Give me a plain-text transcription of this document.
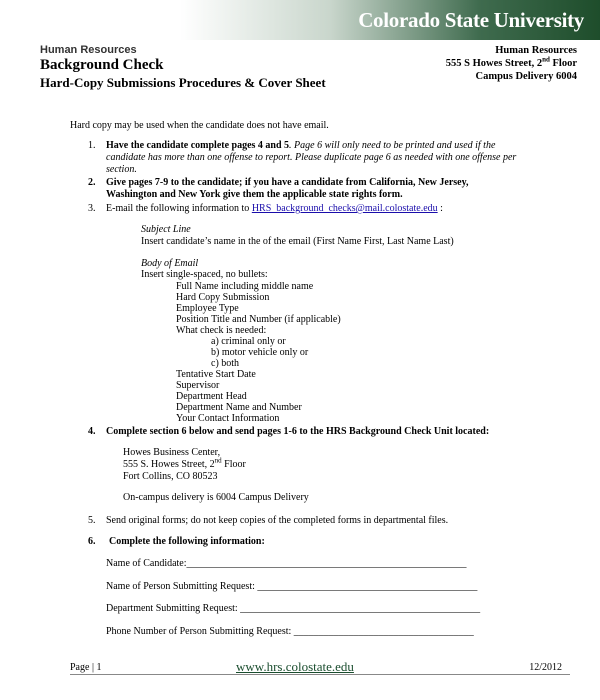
Colorado State University
Human Resources
Background Check
Hard-Copy Submissions Procedures & Cover Sheet
Human Resources
555 S Howes Street, 2nd Floor
Campus Delivery 6004
Hard copy may be used when the candidate does not have email.
1. Have the candidate complete pages 4 and 5. Page 6 will only need to be printed and used if the
candidate has more than one offense to report. Please duplicate page 6 as needed with one offense per
section.
2. Give pages 7-9 to the candidate; if you have a candidate from California, New Jersey,
Washington and New York give them the applicable state rights form.
3. E-mail the following information to HRS_background_checks@mail.colostate.edu :
Subject Line
Insert candidate’s name in the of the email (First Name First, Last Name Last)
Body of Email
Insert single-spaced, no bullets:
Full Name including middle name
Hard Copy Submission
Employee Type
Position Title and Number (if applicable)
What check is needed:
a) criminal only or
b) motor vehicle only or
c) both
Tentative Start Date
Supervisor
Department Head
Department Name and Number
Your Contact Information
4. Complete section 6 below and send pages 1-6 to the HRS Background Check Unit located:
Howes Business Center,
555 S. Howes Street, 2nd Floor
Fort Collins, CO 80523
On-campus delivery is 6004 Campus Delivery
5. Send original forms; do not keep copies of the completed forms in departmental files.
6. Complete the following information:
Name of Candidate:________________________________________________________
Name of Person Submitting Request: ____________________________________________
Department Submitting Request: ________________________________________________
Phone Number of Person Submitting Request: ____________________________________
Page | 1	www.hrs.colostate.edu	12/2012
